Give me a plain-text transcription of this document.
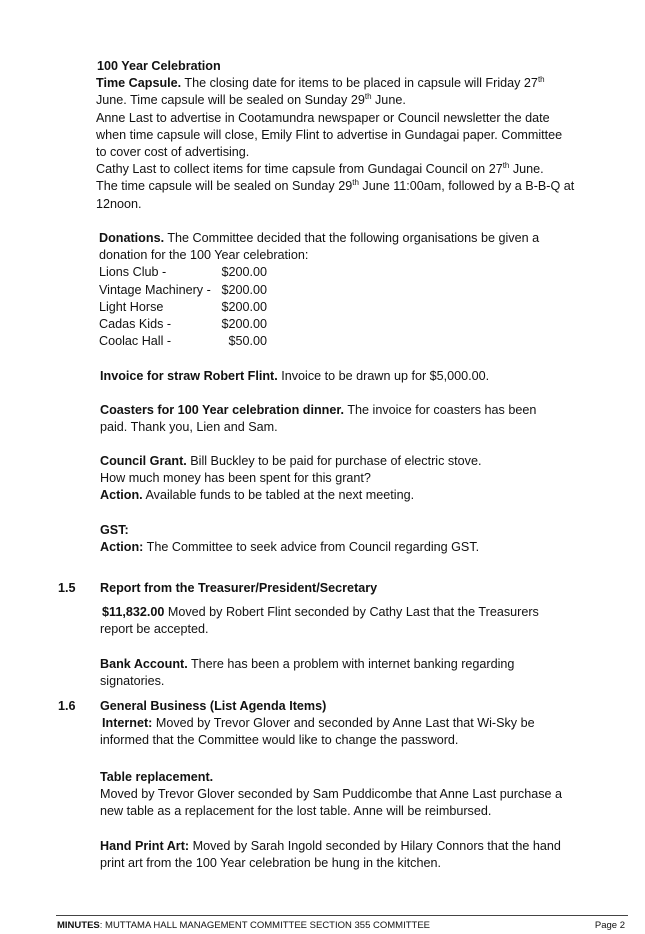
100 Year Celebration
Time Capsule. The closing date for items to be placed in capsule will Friday 27th
June. Time capsule will be sealed on Sunday 29th June.
Anne Last to advertise in Cootamundra newspaper or Council newsletter the date
when time capsule will close, Emily Flint to advertise in Gundagai paper. Committee
to cover cost of advertising.
Cathy Last to collect items for time capsule from Gundagai Council on 27th June.
The time capsule will be sealed on Sunday 29th June 11:00am, followed by a B-B-Q at
12noon.
Donations. The Committee decided that the following organisations be given a
donation for the 100 Year celebration:
Lions Club -	$200.00
Vintage Machinery - $200.00
Light Horse	$200.00
Cadas Kids -	$200.00
Coolac Hall -	$50.00
Invoice for straw Robert Flint. Invoice to be drawn up for $5,000.00.
Coasters for 100 Year celebration dinner. The invoice for coasters has been
paid. Thank you, Lien and Sam.
Council Grant. Bill Buckley to be paid for purchase of electric stove.
How much money has been spent for this grant?
Action. Available funds to be tabled at the next meeting.
GST:
Action: The Committee to seek advice from Council regarding GST.
1.5 Report from the Treasurer/President/Secretary
$11,832.00 Moved by Robert Flint seconded by Cathy Last that the Treasurers
report be accepted.
Bank Account. There has been a problem with internet banking regarding
signatories.
1.6 General Business (List Agenda Items)
Internet: Moved by Trevor Glover and seconded by Anne Last that Wi-Sky be
informed that the Committee would like to change the password.
Table replacement.
Moved by Trevor Glover seconded by Sam Puddicombe that Anne Last purchase a
new table as a replacement for the lost table. Anne will be reimbursed.
Hand Print Art: Moved by Sarah Ingold seconded by Hilary Connors that the hand
print art from the 100 Year celebration be hung in the kitchen.
MINUTES: MUTTAMA HALL MANAGEMENT COMMITTEE SECTION 355 COMMITTEE	Page 2
